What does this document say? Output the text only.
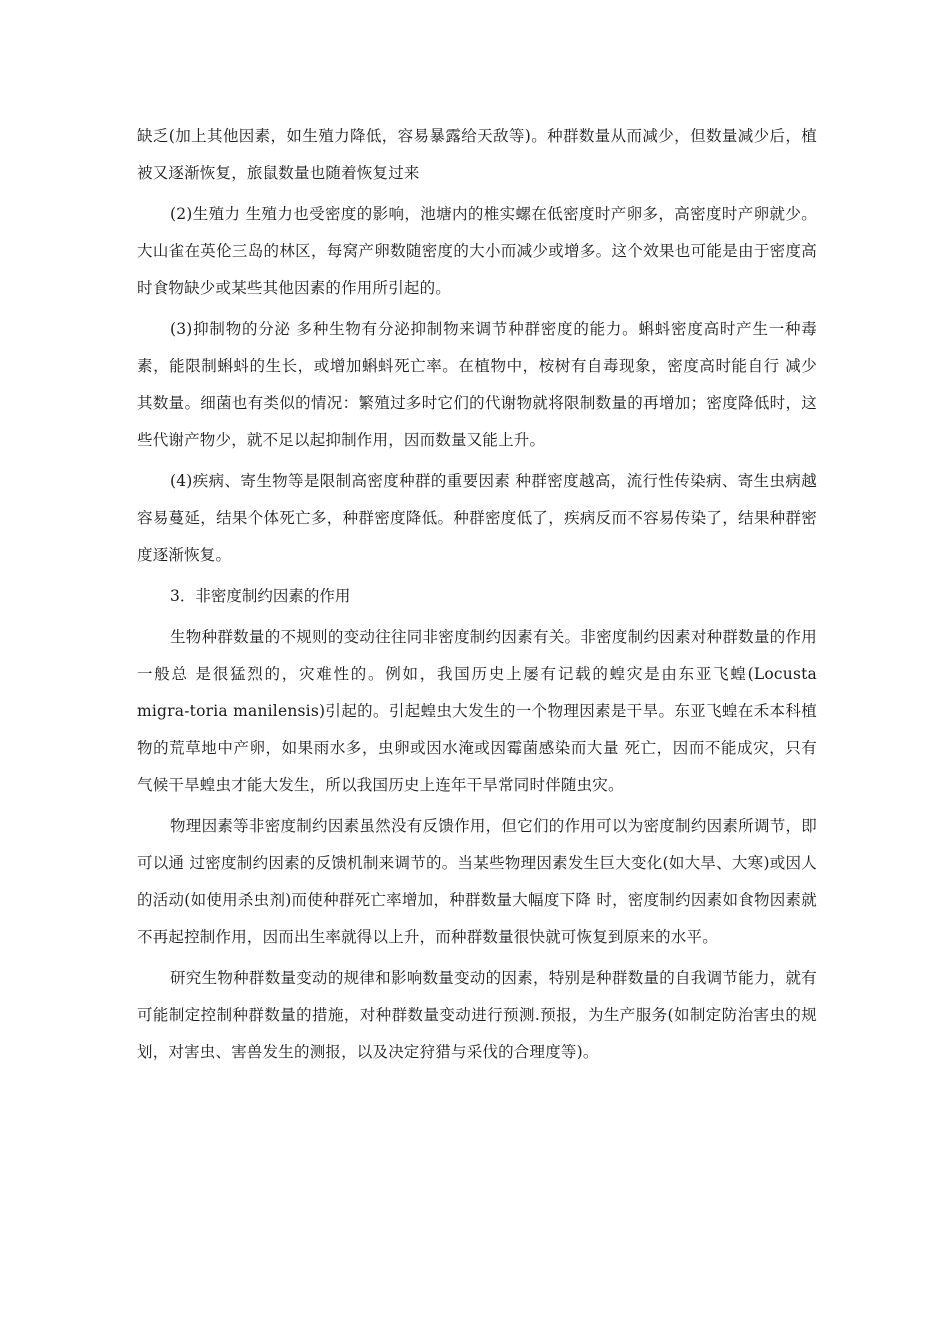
缺乏(加上其他因素，如生殖力降低，容易暴露给天敌等)。种群数量从而减少，但数量减少后，植被又逐渐恢复，旅鼠数量也随着恢复过来

(2)生殖力 生殖力也受密度的影响，池塘内的椎实螺在低密度时产卵多，高密度时产卵就少。大山雀在英伦三岛的林区，每窝产卵数随密度的大小而减少或增多。这个效果也可能是由于密度高时食物缺少或某些其他因素的作用所引起的。

(3)抑制物的分泌 多种生物有分泌抑制物来调节种群密度的能力。蝌蚪密度高时产生一种毒素，能限制蝌蚪的生长，或增加蝌蚪死亡率。在植物中，桉树有自毒现象，密度高时能自行 减少其数量。细菌也有类似的情况：繁殖过多时它们的代谢物就将限制数量的再增加；密度降低时，这些代谢产物少，就不足以起抑制作用，因而数量又能上升。

(4)疾病、寄生物等是限制高密度种群的重要因素 种群密度越高，流行性传染病、寄生虫病越容易蔓延，结果个体死亡多，种群密度降低。种群密度低了，疾病反而不容易传染了，结果种群密度逐渐恢复。

3．非密度制约因素的作用

生物种群数量的不规则的变动往往同非密度制约因素有关。非密度制约因素对种群数量的作用一般总 是很猛烈的，灾难性的。例如，我国历史上屡有记载的蝗灾是由东亚飞蝗(Locusta migra-toria manilensis)引起的。引起蝗虫大发生的一个物理因素是干旱。东亚飞蝗在禾本科植物的荒草地中产卵，如果雨水多，虫卵或因水淹或因霉菌感染而大量 死亡，因而不能成灾，只有气候干旱蝗虫才能大发生，所以我国历史上连年干旱常同时伴随虫灾。

物理因素等非密度制约因素虽然没有反馈作用，但它们的作用可以为密度制约因素所调节，即可以通 过密度制约因素的反馈机制来调节的。当某些物理因素发生巨大变化(如大旱、大寒)或因人的活动(如使用杀虫剂)而使种群死亡率增加，种群数量大幅度下降 时，密度制约因素如食物因素就不再起控制作用，因而出生率就得以上升，而种群数量很快就可恢复到原来的水平。

研究生物种群数量变动的规律和影响数量变动的因素，特别是种群数量的自我调节能力，就有可能制定控制种群数量的措施，对种群数量变动进行预测.预报，为生产服务(如制定防治害虫的规划，对害虫、害兽发生的测报，以及决定狩猎与采伐的合理度等)。
